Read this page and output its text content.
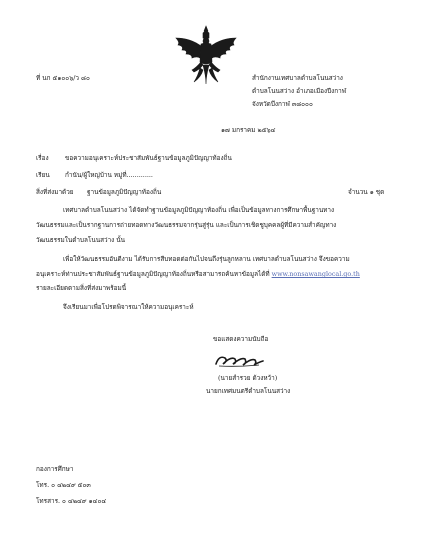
ที่ นก ๕๑๐๐๖/ว ๘๐	สำนักงานเทศบาลตำบลโนนสว่าง
ตำบลโนนสว่าง อำเภอเมืองปีงกาฬ
จังหวัดบึงกาฬ ๓๘๐๐๐
๑๗ มกราคม ๒๕๖๔
เรื่อง	ขอความอนุเคราะห์ประชาสัมพันธ์ฐานข้อมูลภูมิปัญญาท้องถิ่น
เรียน กำนัน/ผู้ใหญ่บ้าน หมู่ที่.............
สิ่งที่ส่งมาด้วย ฐานข้อมูลภูมิปัญญาท้องถิ่น	จำนวน ๑ ชุด
เทศบาลตำบลโนนสว่าง ได้จัดทำฐานข้อมูลภูมิปัญญาท้องถิ่น เพื่อเป็นข้อมูลทางการศึกษาพื้นฐานทาง
วัฒนธรรมและเป็นรากฐานการถ่ายทอดทางวัฒนธรรมจากรุ่นสู่รุ่น และเป็นการเชิดชูบุคคลผู้ที่มีความสำคัญทาง
วัฒนธรรมในตำบลโนนสว่าง นั้น
เพื่อให้วัฒนธรรมอันดีงาม ได้รับการสืบทอดต่อกันไปจนถึงรุ่นลูกหลาน เทศบาลตำบลโนนสว่าง จึงขอความ
อนุเคราะห์ท่านประชาสัมพันธ์ฐานข้อมูลภูมิปัญญาท้องถิ่นหรือสามารถค้นหาข้อมูลได้ที่ www.nonsawanglocal.go.th
รายละเอียดตามสิ่งที่ส่งมาพร้อมนี้
จึงเรียนมาเพื่อโปรดพิจารณาให้ความอนุเคราะห์
ขอแสดงความนับถือ
(นายสำรวย ด้วงหว้า)
นายกเทศมนตรีตำบลโนนสว่าง
กองการศึกษา
โทร. ๐ ๔๒๔๙ ๕๐๓
โทรสาร. ๐ ๔๒๔๙ ๑๔๐๔
